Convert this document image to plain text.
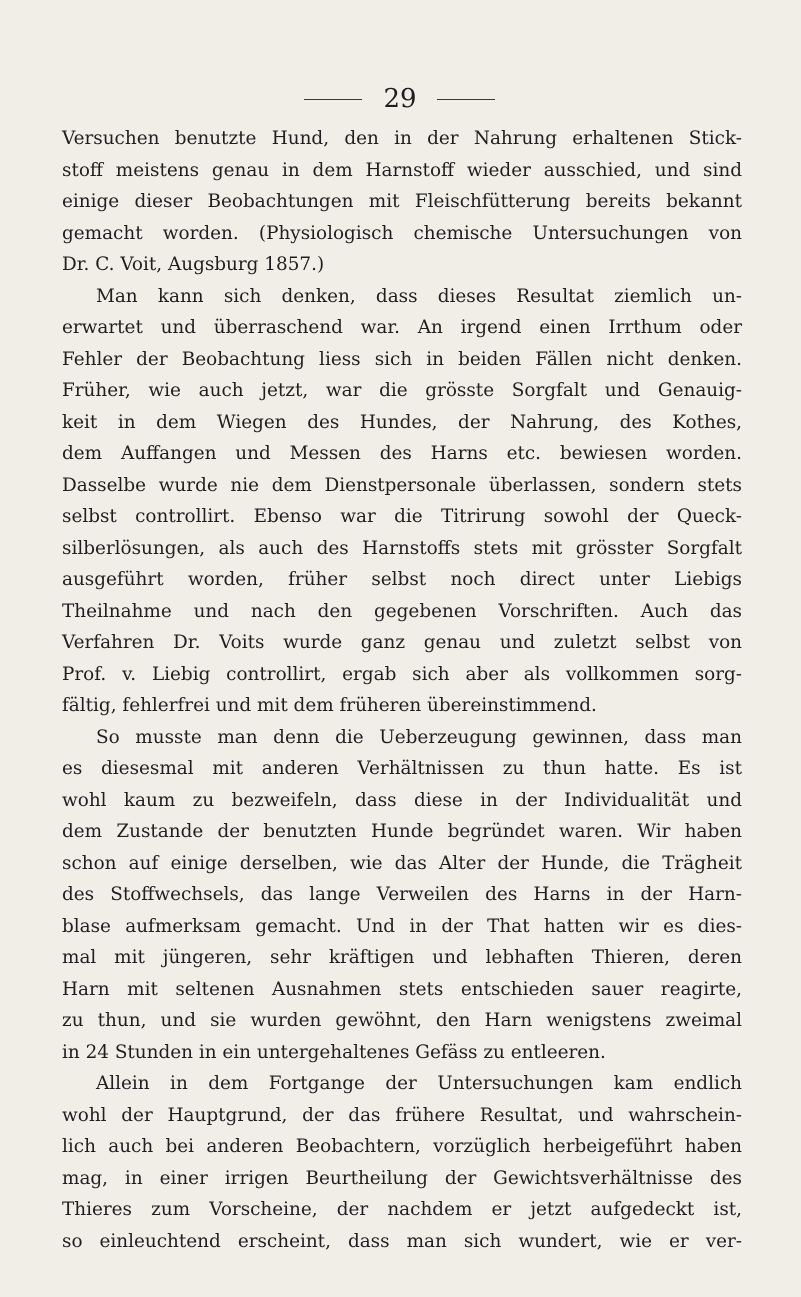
29
Versuchen benutzte Hund, den in der Nahrung erhaltenen Stick-
stoff meistens genau in dem Harnstoff wieder ausschied, und sind
einige dieser Beobachtungen mit Fleischfütterung bereits bekannt
gemacht worden. (Physiologisch chemische Untersuchungen von
Dr. C. Voit, Augsburg 1857.)
Man kann sich denken, dass dieses Resultat ziemlich un-
erwartet und überraschend war. An irgend einen Irrthum oder
Fehler der Beobachtung liess sich in beiden Fällen nicht denken.
Früher, wie auch jetzt, war die grösste Sorgfalt und Genauig-
keit in dem Wiegen des Hundes, der Nahrung, des Kothes,
dem Auffangen und Messen des Harns etc. bewiesen worden.
Dasselbe wurde nie dem Dienstpersonale überlassen, sondern stets
selbst controllirt. Ebenso war die Titrirung sowohl der Queck-
silberlösungen, als auch des Harnstoffs stets mit grösster Sorgfalt
ausgeführt worden, früher selbst noch direct unter Liebigs
Theilnahme und nach den gegebenen Vorschriften. Auch das
Verfahren Dr. Voits wurde ganz genau und zuletzt selbst von
Prof. v. Liebig controllirt, ergab sich aber als vollkommen sorg-
fältig, fehlerfrei und mit dem früheren übereinstimmend.
So musste man denn die Ueberzeugung gewinnen, dass man
es diesesmal mit anderen Verhältnissen zu thun hatte. Es ist
wohl kaum zu bezweifeln, dass diese in der Individualität und
dem Zustande der benutzten Hunde begründet waren. Wir haben
schon auf einige derselben, wie das Alter der Hunde, die Trägheit
des Stoffwechsels, das lange Verweilen des Harns in der Harn-
blase aufmerksam gemacht. Und in der That hatten wir es dies-
mal mit jüngeren, sehr kräftigen und lebhaften Thieren, deren
Harn mit seltenen Ausnahmen stets entschieden sauer reagirte,
zu thun, und sie wurden gewöhnt, den Harn wenigstens zweimal
in 24 Stunden in ein untergehaltenes Gefäss zu entleeren.
Allein in dem Fortgange der Untersuchungen kam endlich
wohl der Hauptgrund, der das frühere Resultat, und wahrschein-
lich auch bei anderen Beobachtern, vorzüglich herbeigeführt haben
mag, in einer irrigen Beurtheilung der Gewichtsverhältnisse des
Thieres zum Vorscheine, der nachdem er jetzt aufgedeckt ist,
so einleuchtend erscheint, dass man sich wundert, wie er ver-
